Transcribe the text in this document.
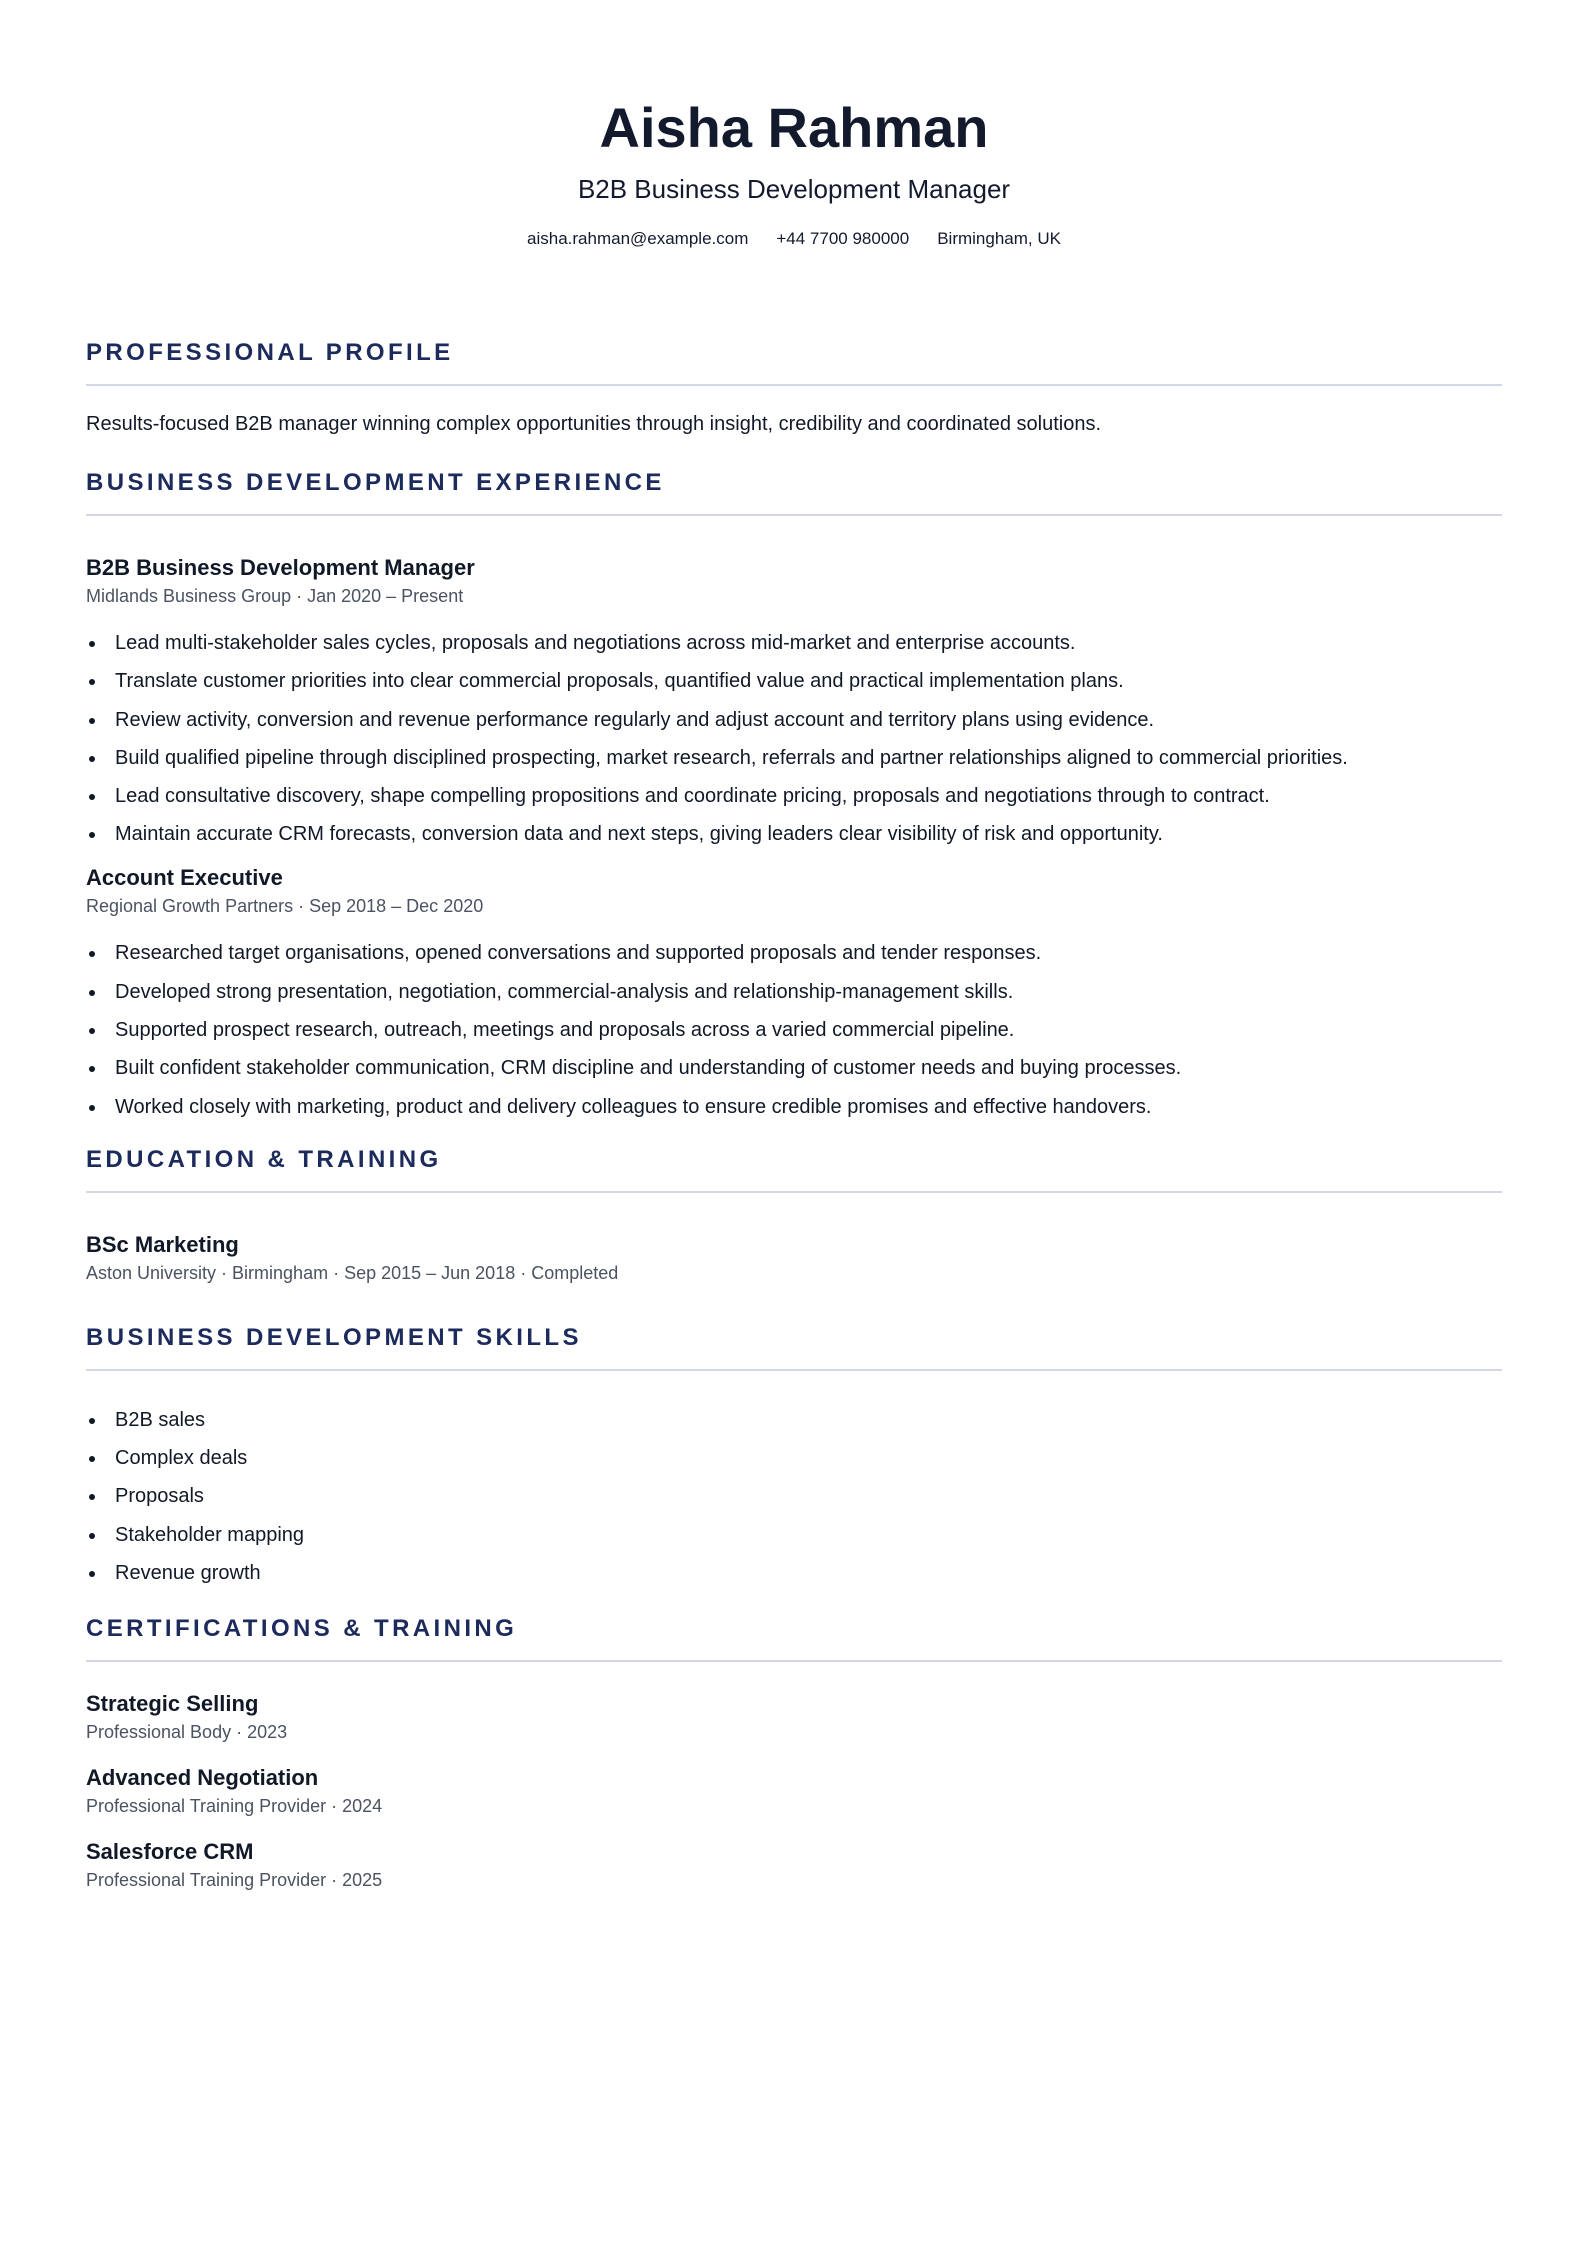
Aisha Rahman
B2B Business Development Manager
aisha.rahman@example.com +44 7700 980000 Birmingham, UK
PROFESSIONAL PROFILE

Results-focused B2B manager winning complex opportunities through insight, credibility and coordinated solutions.

BUSINESS DEVELOPMENT EXPERIENCE
B2B Business Development Manager
Midlands Business Group · Jan 2020 – Present
Lead multi-stakeholder sales cycles, proposals and negotiations across mid-market and enterprise accounts.
Translate customer priorities into clear commercial proposals, quantified value and practical implementation plans.
Review activity, conversion and revenue performance regularly and adjust account and territory plans using evidence.
Build qualified pipeline through disciplined prospecting, market research, referrals and partner relationships aligned to commercial priorities.
Lead consultative discovery, shape compelling propositions and coordinate pricing, proposals and negotiations through to contract.
Maintain accurate CRM forecasts, conversion data and next steps, giving leaders clear visibility of risk and opportunity.
Account Executive
Regional Growth Partners · Sep 2018 – Dec 2020
Researched target organisations, opened conversations and supported proposals and tender responses.
Developed strong presentation, negotiation, commercial-analysis and relationship-management skills.
Supported prospect research, outreach, meetings and proposals across a varied commercial pipeline.
Built confident stakeholder communication, CRM discipline and understanding of customer needs and buying processes.
Worked closely with marketing, product and delivery colleagues to ensure credible promises and effective handovers.
EDUCATION & TRAINING
BSc Marketing
Aston University · Birmingham · Sep 2015 – Jun 2018 · Completed
BUSINESS DEVELOPMENT SKILLS
B2B sales
Complex deals
Proposals
Stakeholder mapping
Revenue growth
CERTIFICATIONS & TRAINING
Strategic Selling
Professional Body · 2023
Advanced Negotiation
Professional Training Provider · 2024
Salesforce CRM
Professional Training Provider · 2025
